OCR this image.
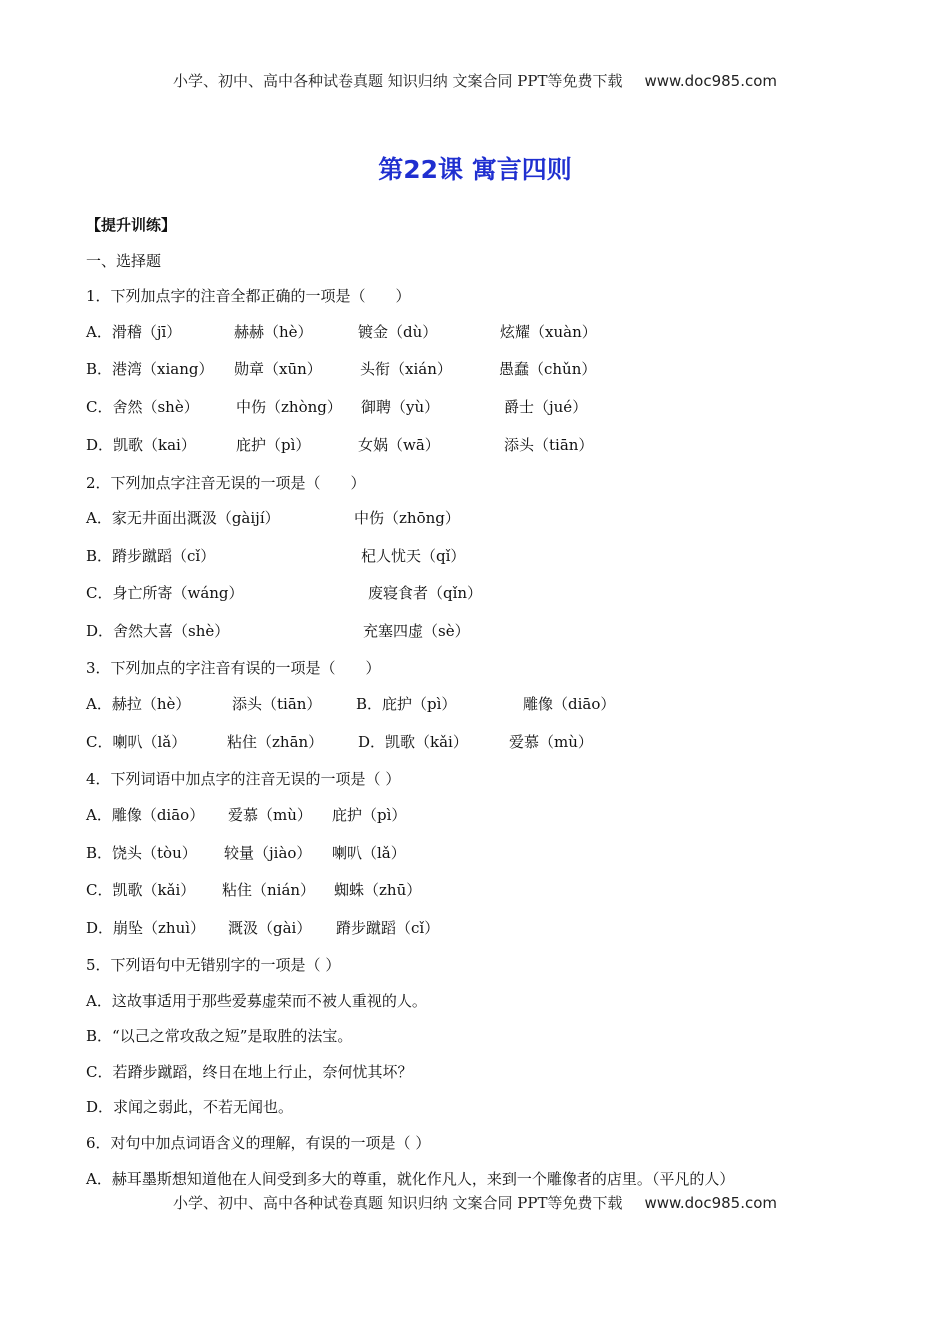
小学、初中、高中各种试卷真题 知识归纳 文案合同 PPT等免费下载 www.doc985.com
第22课 寓言四则
【提升训练】
一、选择题
1．下列加点字的注音全都正确的一项是（　　）
A．滑稽（jī）	赫赫（hè）	镀金（dù）	炫耀（xuàn）
B．港湾（xiang） 勋章（xūn）	头衔（xián）	愚蠢（chǔn）
C．舍然（shè） 中伤（zhòng） 御聘（yù）	爵士（jué）
D．凯歌（kai）	庇护（pì）	女娲（wā）	添头（tiān）
2．下列加点字注音无误的一项是（　　）
A．家无井面出溉汲（gàijí）	中伤（zhōng）
B．蹐步蹴蹈（cǐ）	杞人忧天（qǐ）
C．身亡所寄（wáng）	废寝食者（qǐn）
D．舍然大喜（shè）	充塞四虚（sè）
3．下列加点的字注音有误的一项是（　　）
A．赫拉（hè）	添头（tiān） B．庇护（pì）	雕像（diāo）
C．喇叭（lǎ）	粘住（zhān） D．凯歌（kǎi）	爱慕（mù）
4．下列词语中加点字的注音无误的一项是（ ）
A．雕像（diāo） 爱慕（mù） 庇护（pì）
B．饶头（tòu） 较量（jiào） 喇叭（lǎ）
C．凯歌（kǎi） 粘住（nián） 蜘蛛（zhū）
D．崩坠（zhuì） 溉汲（gài） 蹐步蹴蹈（cǐ）
5．下列语句中无错别字的一项是（ ）
A．这故事适用于那些爱募虚荣而不被人重视的人。
B．“以己之常攻敌之短”是取胜的法宝。
C．若蹐步蹴蹈，终日在地上行止，奈何忧其坏？
D．求闻之弱此，不若无闻也。
6．对句中加点词语含义的理解，有误的一项是（ ）
A．赫耳墨斯想知道他在人间受到多大的尊重，就化作凡人，来到一个雕像者的店里。（平凡的人）
小学、初中、高中各种试卷真题 知识归纳 文案合同 PPT等免费下载 www.doc985.com
